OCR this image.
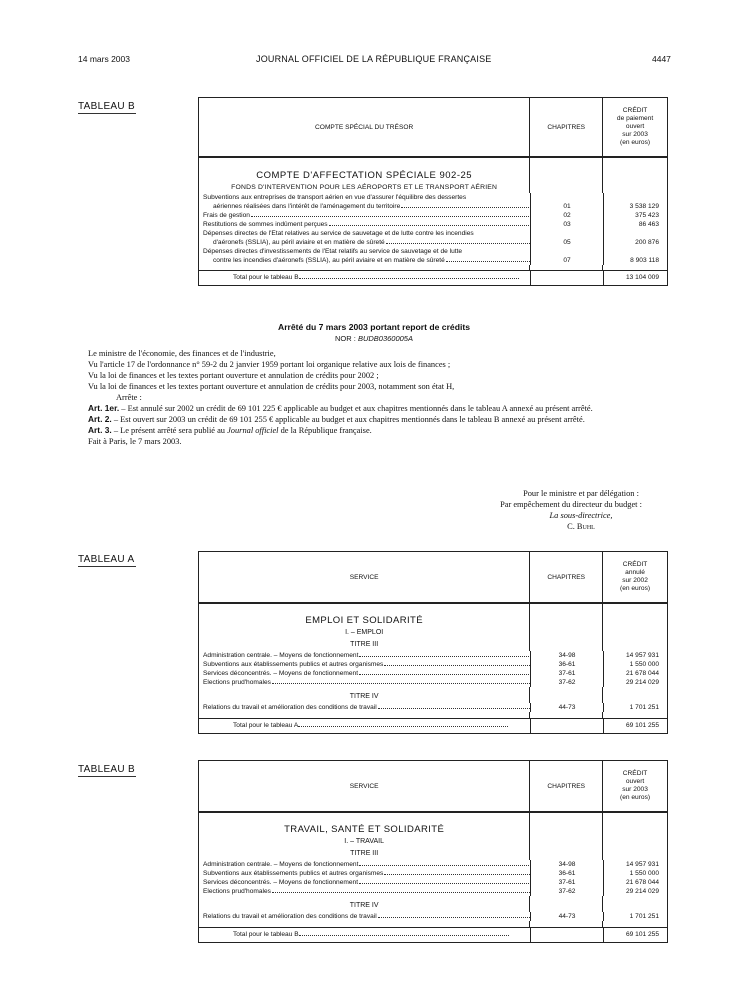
14 mars 2003	JOURNAL OFFICIEL DE LA RÉPUBLIQUE FRANÇAISE	4447
TABLEAU B
COMPTE SPÉCIAL DU TRÉSOR	CHAPITRES
CRÉDIT
de paiement
ouvert
sur 2003
(en euros)
COMPTE D'AFFECTATION SPÉCIALE 902-25
FONDS D'INTERVENTION POUR LES AÉROPORTS ET LE TRANSPORT AÉRIEN
Subventions aux entreprises de transport aérien en vue d'assurer l'équilibre des dessertes
aériennes réalisées dans l'intérêt de l'aménagement du territoire	01	3 538 129
Frais de gestion	02	375 423
Restitutions de sommes indûment perçues	03	86 463
Dépenses directes de l'Etat relatives au service de sauvetage et de lutte contre les incendies
d'aéronefs (SSLIA), au péril aviaire et en matière de sûreté	05	200 876
Dépenses directes d'investissements de l'Etat relatifs au service de sauvetage et de lutte
contre les incendies d'aéronefs (SSLIA), au péril aviaire et en matière de sûreté	07	8 903 118
Total pour le tableau B	13 104 009
Arrêté du 7 mars 2003 portant report de crédits
NOR : BUDB0360005A

Le ministre de l'économie, des finances et de l'industrie,

Vu l'article 17 de l'ordonnance n° 59-2 du 2 janvier 1959 portant loi organique relative aux lois de finances ;

Vu la loi de finances et les textes portant ouverture et annulation de crédits pour 2002 ;

Vu la loi de finances et les textes portant ouverture et annulation de crédits pour 2003, notamment son état H,

Arrête :

Art. 1er. – Est annulé sur 2002 un crédit de 69 101 225 € applicable au budget et aux chapitres mentionnés dans le tableau A annexé au présent arrêté.

Art. 2. – Est ouvert sur 2003 un crédit de 69 101 255 € applicable au budget et aux chapitres mentionnés dans le tableau B annexé au présent arrêté.

Art. 3. – Le présent arrêté sera publié au Journal officiel de la République française.

Fait à Paris, le 7 mars 2003.

Pour le ministre et par délégation :
Par empêchement du directeur du budget :
La sous-directrice,
C. Buhl
TABLEAU A
SERVICE	CHAPITRES
CRÉDIT
annulé
sur 2002
(en euros)
EMPLOI ET SOLIDARITÉ
I. – EMPLOI
TITRE III
Administration centrale. – Moyens de fonctionnement	34-98	14 957 931
Subventions aux établissements publics et autres organismes	36-61	1 550 000
Services déconcentrés. – Moyens de fonctionnement	37-61	21 678 044
Elections prud'homales	37-62	29 214 029
TITRE IV
Relations du travail et amélioration des conditions de travail	44-73	1 701 251
Total pour le tableau A	69 101 255
TABLEAU B
SERVICE	CHAPITRES
CRÉDIT
ouvert
sur 2003
(en euros)
TRAVAIL, SANTÉ ET SOLIDARITÉ
I. – TRAVAIL
TITRE III
Administration centrale. – Moyens de fonctionnement	34-98	14 957 931
Subventions aux établissements publics et autres organismes	36-61	1 550 000
Services déconcentrés. – Moyens de fonctionnement	37-61	21 678 044
Elections prud'homales	37-62	29 214 029
TITRE IV
Relations du travail et amélioration des conditions de travail	44-73	1 701 251
Total pour le tableau B	69 101 255
